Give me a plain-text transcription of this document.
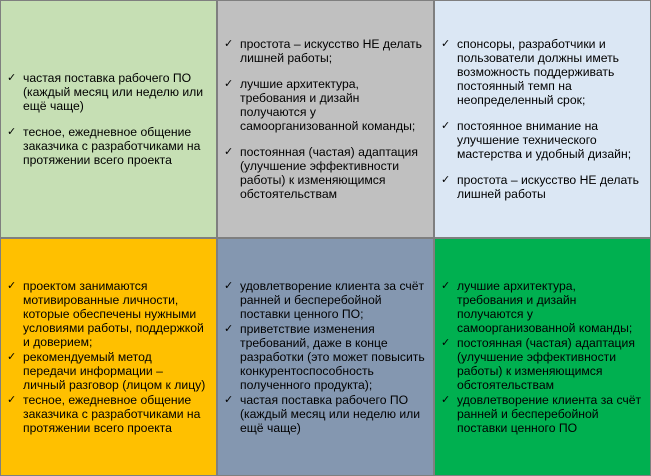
✓ частая поставка рабочего ПО (каждый месяц или неделю или ещё чаще)
✓ тесное, ежедневное общение заказчика с разработчиками на протяжении всего проекта
✓ простота – искусство НЕ делать лишней работы;
✓ лучшие архитектура, требования и дизайн получаются у самоорганизованной команды;
✓ постоянная (частая) адаптация (улучшение эффективности работы) к изменяющимся обстоятельствам
✓ спонсоры, разработчики и пользователи должны иметь возможность поддерживать постоянный темп на неопределенный срок;
✓ постоянное внимание на улучшение технического мастерства и удобный дизайн;
✓ простота – искусство НЕ делать лишней работы
✓ проектом занимаются мотивированные личности, которые обеспечены нужными условиями работы, поддержкой и доверием;
✓ рекомендуемый метод передачи информации – личный разговор (лицом к лицу)
✓ тесное, ежедневное общение заказчика с разработчиками на протяжении всего проекта
✓ удовлетворение клиента за счёт ранней и бесперебойной поставки ценного ПО;
✓ приветствие изменения требований, даже в конце разработки (это может повысить конкурентоспособность полученного продукта);
✓ частая поставка рабочего ПО (каждый месяц или неделю или ещё чаще)
✓ лучшие архитектура, требования и дизайн получаются у самоорганизованной команды;
✓ постоянная (частая) адаптация (улучшение эффективности работы) к изменяющимся обстоятельствам
✓ удовлетворение клиента за счёт ранней и бесперебойной поставки ценного ПО
